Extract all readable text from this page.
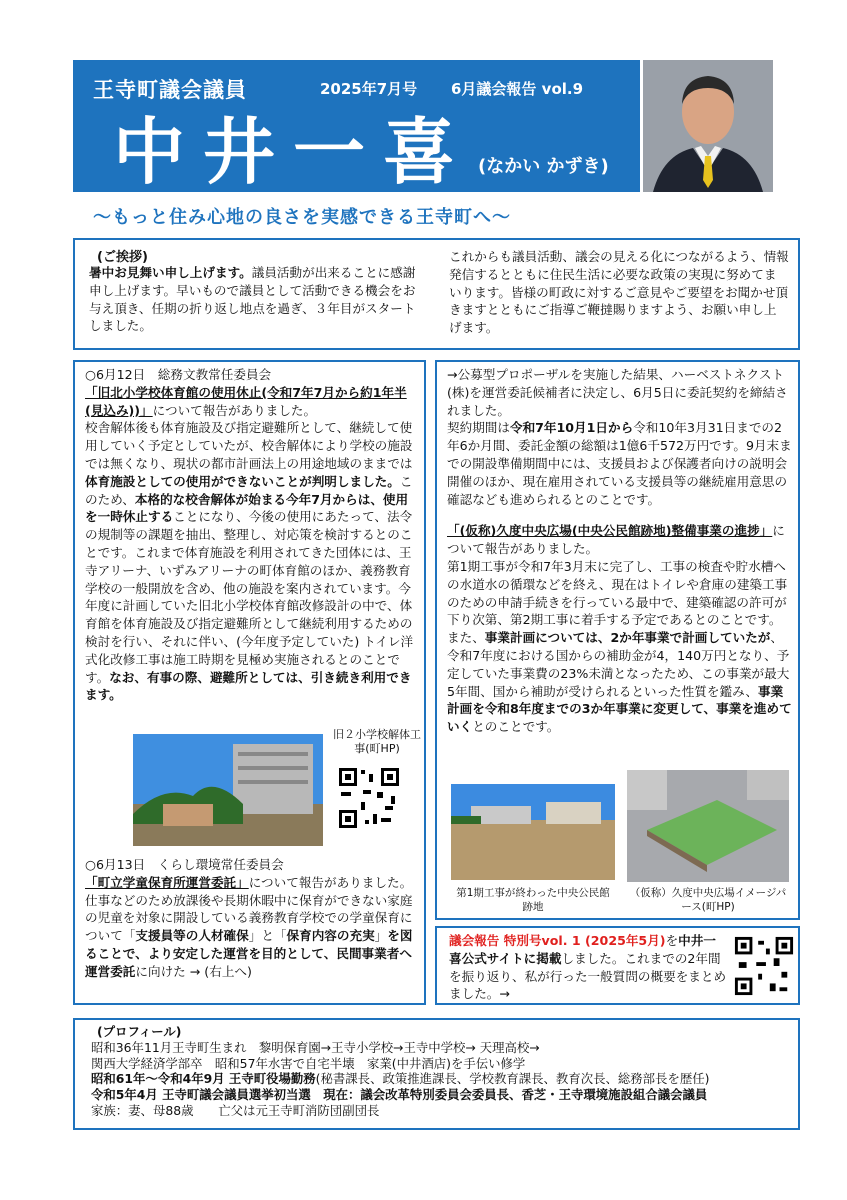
王寺町議会議員	2025年7月号 6月議会報告 vol.9
中井一喜 (なかい かずき)
～もっと住み心地の良さを実感できる王寺町へ～
(ご挨拶)
暑中お見舞い申し上げます。議員活動が出来ることに感謝申し上げます。早いもので議員として活動できる機会をお与え頂き、任期の折り返し地点を過ぎ、３年目がスタートしました。
これからも議員活動、議会の見える化につながるよう、情報発信するとともに住民生活に必要な政策の実現に努めてまいります。皆様の町政に対するご意見やご要望をお聞かせ頂きますとともにご指導ご鞭撻賜りますよう、お願い申し上げます。

○6月12日　総務文教常任委員会

「旧北小学校体育館の使用休止(令和7年7月から約1年半(見込み))」について報告がありました。

校舎解体後も体育施設及び指定避難所として、継続して使用していく予定としていたが、校舎解体により学校の施設では無くなり、現状の都市計画法上の用途地域のままでは体育施設としての使用ができないことが判明しました。このため、本格的な校舎解体が始まる今年7月からは、使用を一時休止することになり、今後の使用にあたって、法令の規制等の課題を抽出、整理し、対応策を検討するとのことです。これまで体育施設を利用されてきた団体には、王寺アリーナ、いずみアリーナの町体育館のほか、義務教育学校の一般開放を含め、他の施設を案内されています。今年度に計画していた旧北小学校体育館改修設計の中で、体育館を体育施設及び指定避難所として継続利用するための検討を行い、それに伴い、(今年度予定していた) トイレ洋式化改修工事は施工時期を見極め実施されるとのことです。なお、有事の際、避難所としては、引き続き利用できます。

旧２小学校解体工事(町HP)

○6月13日　くらし環境常任委員会

「町立学童保育所運営委託」について報告がありました。

仕事などのため放課後や長期休暇中に保育ができない家庭の児童を対象に開設している義務教育学校での学童保育について「支援員等の人材確保」と「保育内容の充実」を図ることで、より安定した運営を目的として、民間事業者へ運営委託に向けた → (右上へ)

→公募型プロポーザルを実施した結果、ハーベストネクスト(株)を運営委託候補者に決定し、6月5日に委託契約を締結されました。

契約期間は令和7年10月1日から令和10年3月31日までの2年6か月間、委託金額の総額は1億6千572万円です。9月末までの開設準備期間中には、支援員および保護者向けの説明会開催のほか、現在雇用されている支援員等の継続雇用意思の確認なども進められるとのことです。

「(仮称)久度中央広場(中央公民館跡地)整備事業の進捗」について報告がありました。

第1期工事が令和7年3月末に完了し、工事の検査や貯水槽への水道水の循環などを終え、現在はトイレや倉庫の建築工事のための申請手続きを行っている最中で、建築確認の許可が下り次第、第2期工事に着手する予定であるとのことです。また、事業計画については、2か年事業で計画していたが、令和7年度における国からの補助金が4，140万円となり、予定していた事業費の23%未満となったため、この事業が最大5年間、国から補助が受けられるといった性質を鑑み、事業計画を令和8年度までの3か年事業に変更して、事業を進めていくとのことです。

第1期工事が終わった中央公民館跡地
（仮称）久度中央広場イメージパース(町HP)
議会報告 特別号vol. 1 (2025年5月)を中井一喜公式サイトに掲載しました。これまでの2年間を振り返り、私が行った一般質問の概要をまとめました。→

(プロフィール)

昭和36年11月王寺町生まれ　黎明保育園→王寺小学校→王寺中学校→ 天理高校→

関西大学経済学部卒　昭和57年水害で自宅半壊　家業(中井酒店)を手伝い修学

昭和61年～令和4年9月 王寺町役場勤務(秘書課長、政策推進課長、学校教育課長、教育次長、総務部長を歴任)

令和5年4月 王寺町議会議員選挙初当選　現在：議会改革特別委員会委員長、香芝・王寺環境施設組合議会議員

家族：妻、母88歳　　亡父は元王寺町消防団副団長
